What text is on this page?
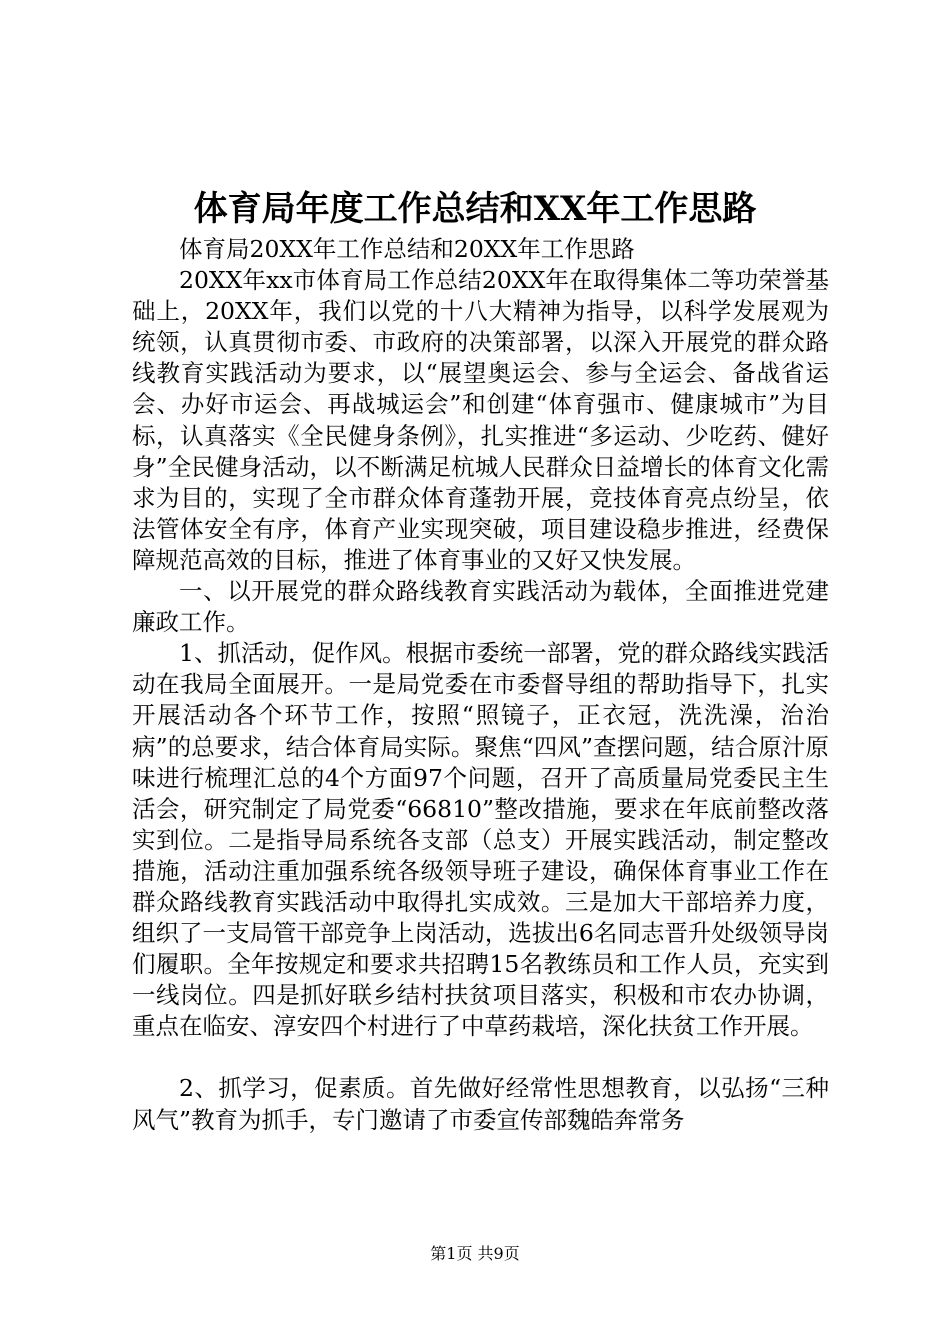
体育局年度工作总结和XX年工作思路

体育局20XX年工作总结和20XX年工作思路

20XX年xx市体育局工作总结20XX年在取得集体二等功荣誉基础上，20XX年，我们以党的十八大精神为指导，以科学发展观为统领，认真贯彻市委、市政府的决策部署，以深入开展党的群众路线教育实践活动为要求，以“展望奥运会、参与全运会、备战省运会、办好市运会、再战城运会”和创建“体育强市、健康城市”为目标，认真落实《全民健身条例》，扎实推进“多运动、少吃药、健好身”全民健身活动，以不断满足杭城人民群众日益增长的体育文化需求为目的，实现了全市群众体育蓬勃开展，竞技体育亮点纷呈，依法管体安全有序，体育产业实现突破，项目建设稳步推进，经费保障规范高效的目标，推进了体育事业的又好又快发展。

一、以开展党的群众路线教育实践活动为载体，全面推进党建廉政工作。

1、抓活动，促作风。根据市委统一部署，党的群众路线实践活动在我局全面展开。一是局党委在市委督导组的帮助指导下，扎实开展活动各个环节工作，按照“照镜子，正衣冠，洗洗澡，治治病”的总要求，结合体育局实际。聚焦“四风”查摆问题，结合原汁原味进行梳理汇总的4个方面97个问题，召开了高质量局党委民主生活会，研究制定了局党委“66810”整改措施，要求在年底前整改落实到位。二是指导局系统各支部（总支）开展实践活动，制定整改措施，活动注重加强系统各级领导班子建设，确保体育事业工作在群众路线教育实践活动中取得扎实成效。三是加大干部培养力度，组织了一支局管干部竞争上岗活动，选拔出6名同志晋升处级领导岗们履职。全年按规定和要求共招聘15名教练员和工作人员，充实到一线岗位。四是抓好联乡结村扶贫项目落实，积极和市农办协调，重点在临安、淳安四个村进行了中草药栽培，深化扶贫工作开展。

2、抓学习，促素质。首先做好经常性思想教育，以弘扬“三种风气”教育为抓手，专门邀请了市委宣传部魏皓奔常务

第1页 共9页
